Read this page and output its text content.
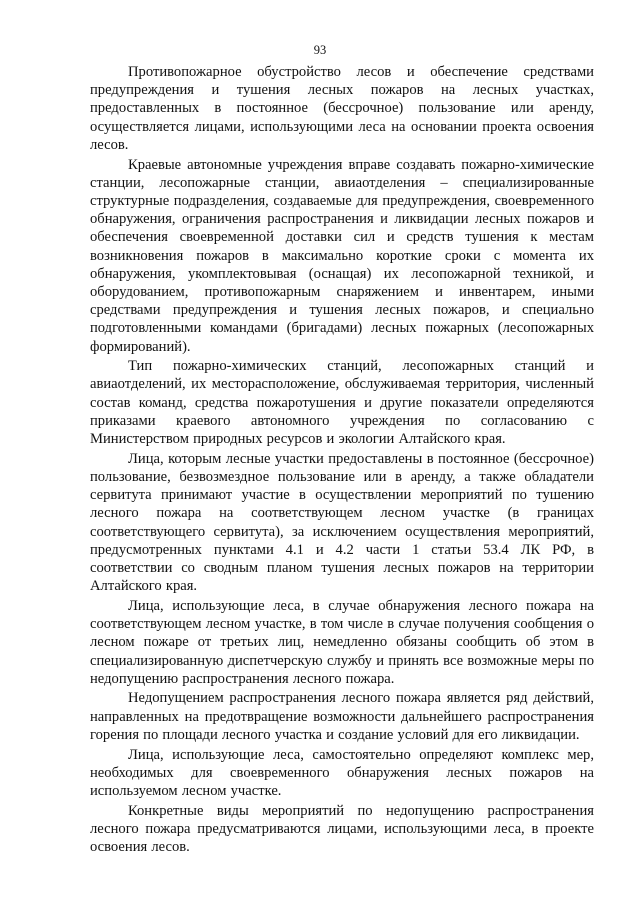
93

Противопожарное обустройство лесов и обеспечение средствами предупреждения и тушения лесных пожаров на лесных участках, предоставленных в постоянное (бессрочное) пользование или аренду, осуществляется лицами, использующими леса на основании проекта освоения лесов.

Краевые автономные учреждения вправе создавать пожарно-химические станции, лесопожарные станции, авиаотделения – специализированные структурные подразделения, создаваемые для предупреждения, своевременного обнаружения, ограничения распространения и ликвидации лесных пожаров и обеспечения своевременной доставки сил и средств тушения к местам возникновения пожаров в максимально короткие сроки с момента их обнаружения, укомплектовывая (оснащая) их лесопожарной техникой, и оборудованием, противопожарным снаряжением и инвентарем, иными средствами предупреждения и тушения лесных пожаров, и специально подготовленными командами (бригадами) лесных пожарных (лесопожарных формирований).

Тип пожарно-химических станций, лесопожарных станций и авиаотделений, их месторасположение, обслуживаемая территория, численный состав команд, средства пожаротушения и другие показатели определяются приказами краевого автономного учреждения по согласованию с Министерством природных ресурсов и экологии Алтайского края.

Лица, которым лесные участки предоставлены в постоянное (бессрочное) пользование, безвозмездное пользование или в аренду, а также обладатели сервитута принимают участие в осуществлении мероприятий по тушению лесного пожара на соответствующем лесном участке (в границах соответствующего сервитута), за исключением осуществления мероприятий, предусмотренных пунктами 4.1 и 4.2 части 1 статьи 53.4 ЛК РФ, в соответствии со сводным планом тушения лесных пожаров на территории Алтайского края.

Лица, использующие леса, в случае обнаружения лесного пожара на соответствующем лесном участке, в том числе в случае получения сообщения о лесном пожаре от третьих лиц, немедленно обязаны сообщить об этом в специализированную диспетчерскую службу и принять все возможные меры по недопущению распространения лесного пожара.

Недопущением распространения лесного пожара является ряд действий, направленных на предотвращение возможности дальнейшего распространения горения по площади лесного участка и создание условий для его ликвидации.

Лица, использующие леса, самостоятельно определяют комплекс мер, необходимых для своевременного обнаружения лесных пожаров на используемом лесном участке.

Конкретные виды мероприятий по недопущению распространения лесного пожара предусматриваются лицами, использующими леса, в проекте освоения лесов.
